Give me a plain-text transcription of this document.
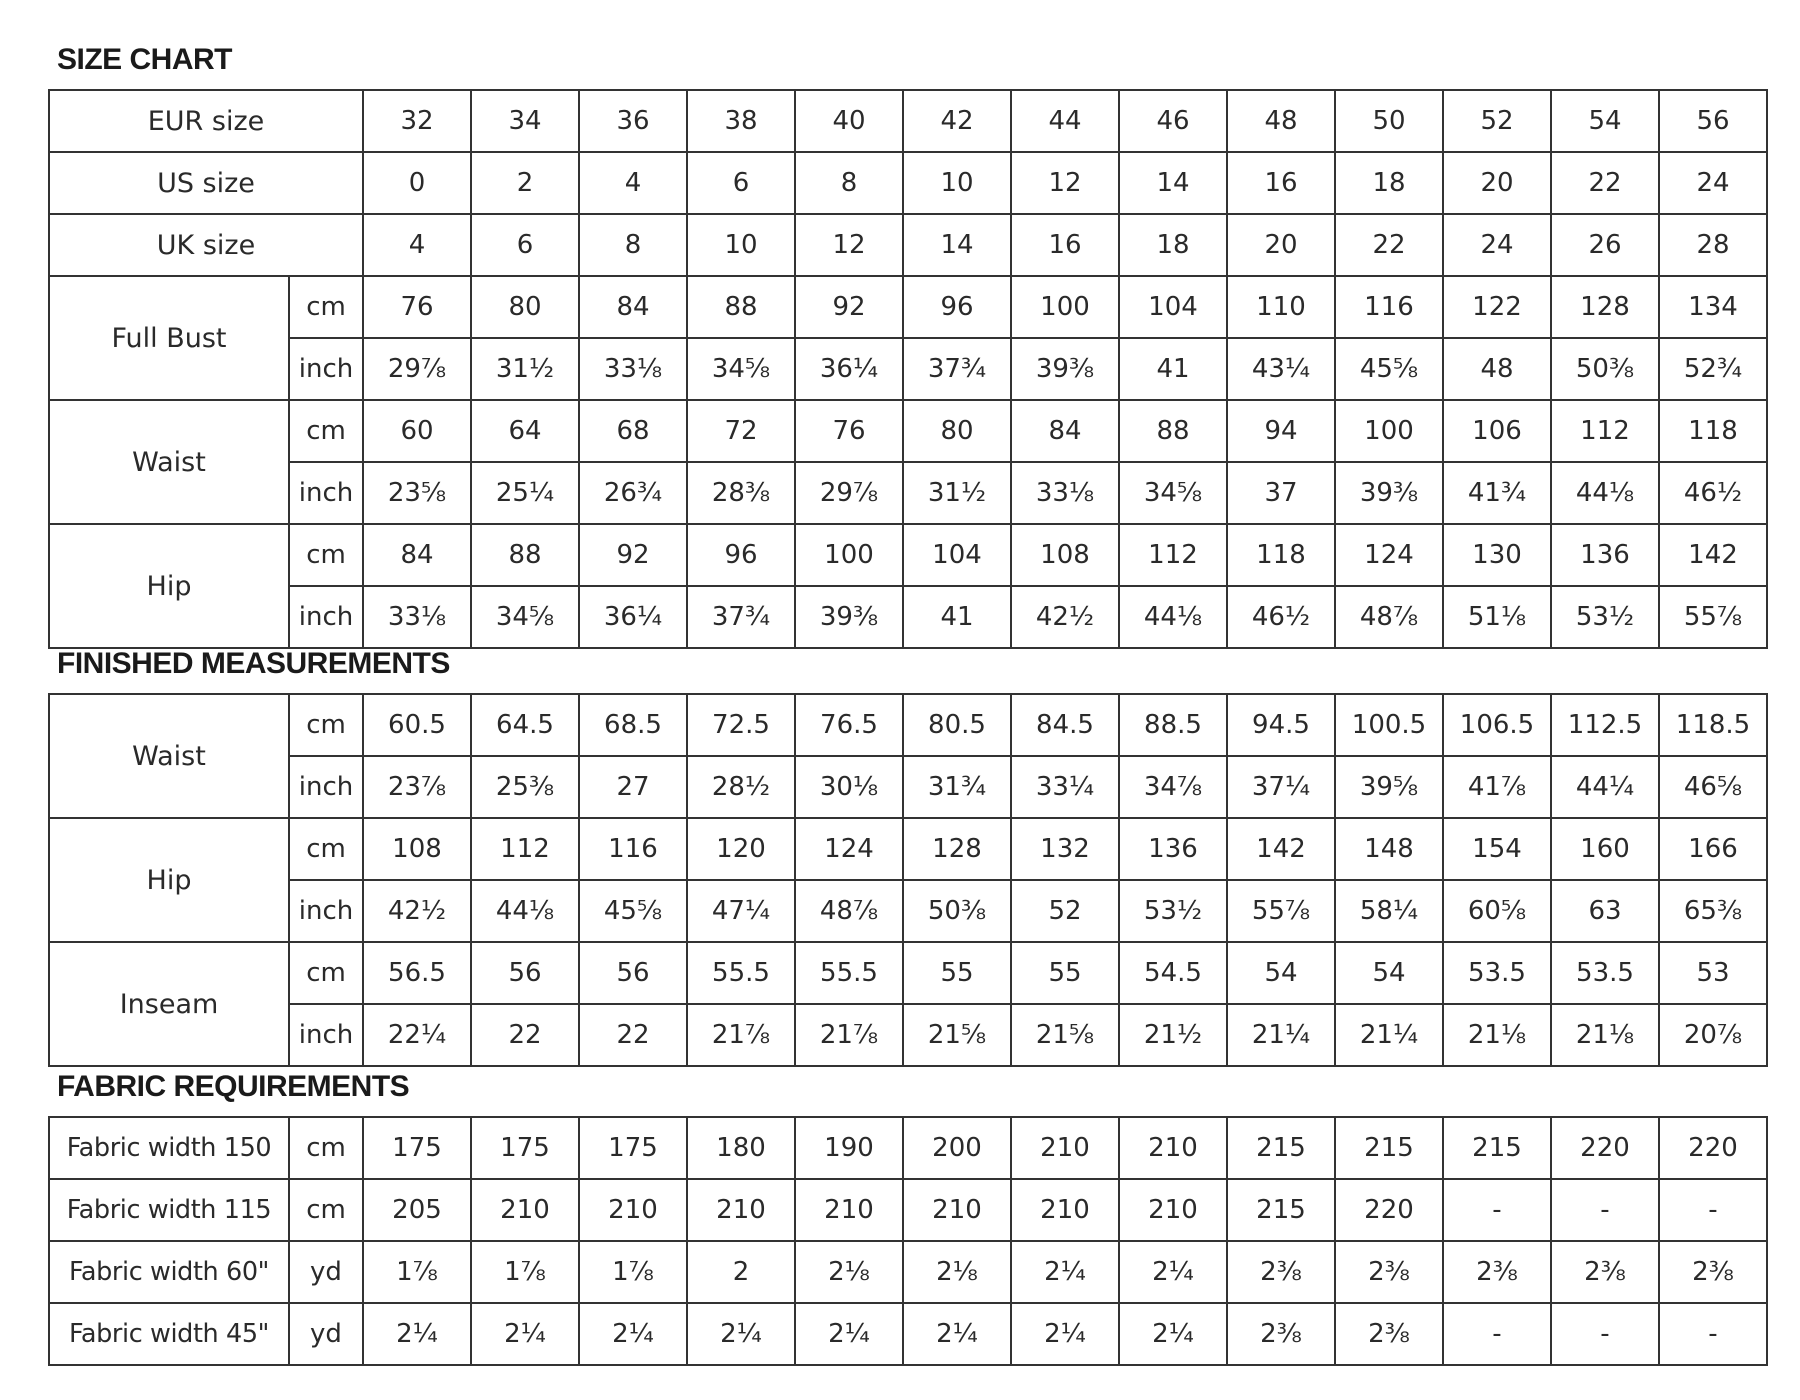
SIZE CHART
EUR size		32	34	36	38	40	42	44	46	48	50	52	54	56
US size		0	2	4	6	8	10	12	14	16	18	20	22	24
UK size		4	6	8	10	12	14	16	18	20	22	24	26	28
Full Bust	cm	76	80	84	88	92	96	100	104	110	116	122	128	134
	inch	29⅞	31½	33⅛	34⅝	36¼	37¾	39⅜	41	43¼	45⅝	48	50⅜	52¾
Waist	cm	60	64	68	72	76	80	84	88	94	100	106	112	118
	inch	23⅝	25¼	26¾	28⅜	29⅞	31½	33⅛	34⅝	37	39⅜	41¾	44⅛	46½
Hip	cm	84	88	92	96	100	104	108	112	118	124	130	136	142
	inch	33⅛	34⅝	36¼	37¾	39⅜	41	42½	44⅛	46½	48⅞	51⅛	53½	55⅞
FINISHED MEASUREMENTS
Waist	cm	60.5	64.5	68.5	72.5	76.5	80.5	84.5	88.5	94.5	100.5	106.5	112.5	118.5
	inch	23⅞	25⅜	27	28½	30⅛	31¾	33¼	34⅞	37¼	39⅝	41⅞	44¼	46⅝
Hip	cm	108	112	116	120	124	128	132	136	142	148	154	160	166
	inch	42½	44⅛	45⅝	47¼	48⅞	50⅜	52	53½	55⅞	58¼	60⅝	63	65⅜
Inseam	cm	56.5	56	56	55.5	55.5	55	55	54.5	54	54	53.5	53.5	53
	inch	22¼	22	22	21⅞	21⅞	21⅝	21⅝	21½	21¼	21¼	21⅛	21⅛	20⅞
FABRIC REQUIREMENTS
Fabric width 150	cm	175	175	175	180	190	200	210	210	215	215	215	220	220
Fabric width 115	cm	205	210	210	210	210	210	210	210	215	220	-	-	-
Fabric width 60"	yd	1⅞	1⅞	1⅞	2	2⅛	2⅛	2¼	2¼	2⅜	2⅜	2⅜	2⅜	2⅜
Fabric width 45"	yd	2¼	2¼	2¼	2¼	2¼	2¼	2¼	2¼	2⅜	2⅜	-	-	-
